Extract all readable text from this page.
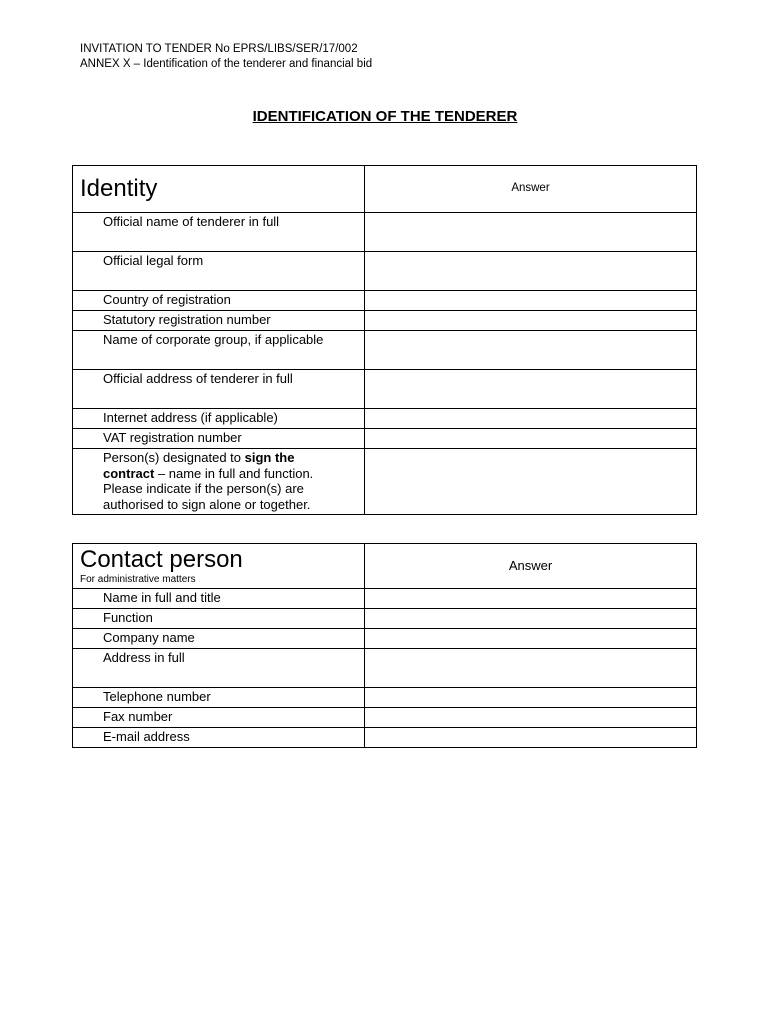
INVITATION TO TENDER No EPRS/LIBS/SER/17/002
ANNEX X – Identification of the tenderer and financial bid
IDENTIFICATION OF THE TENDERER
Identity	Answer
Official name of tenderer in full	
Official legal form	
Country of registration	
Statutory registration number	
Name of corporate group, if applicable	
Official address of tenderer in full	
Internet address (if applicable)	
VAT registration number	
Person(s) designated to sign the contract – name in full and function. Please indicate if the person(s) are authorised to sign alone or together.	
Contact person
For administrative matters	Answer
Name in full and title	
Function	
Company name	
Address in full	
Telephone number	
Fax number	
E-mail address	
